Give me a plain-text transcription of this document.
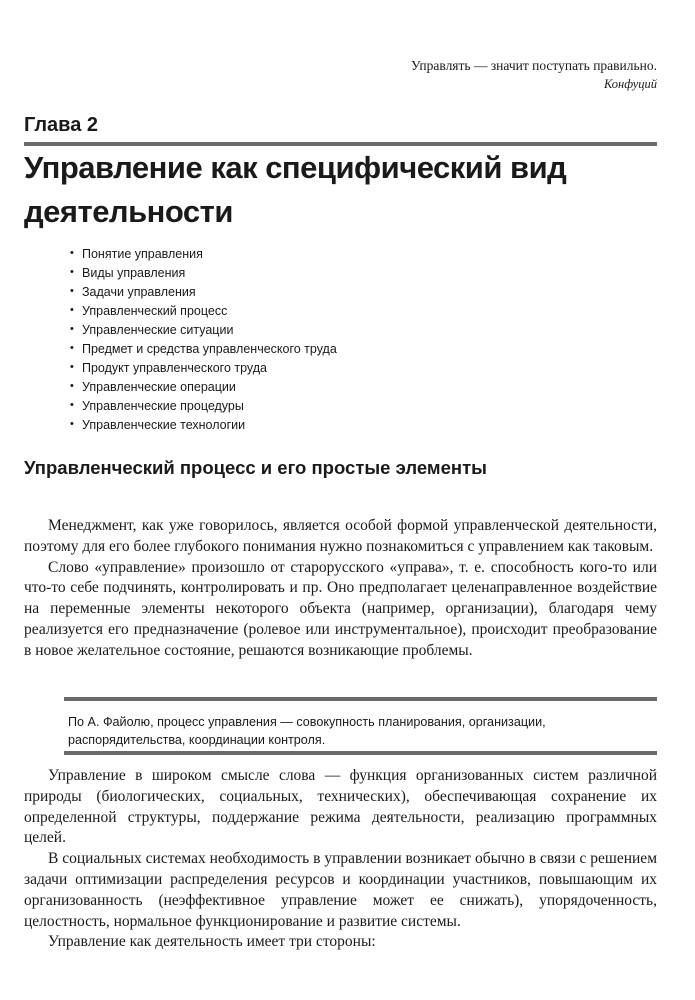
Управлять — значит поступать правильно.
Конфуций
Глава 2
Управление как специфический вид деятельности
• Понятие управления
• Виды управления
• Задачи управления
• Управленческий процесс
• Управленческие ситуации
• Предмет и средства управленческого труда
• Продукт управленческого труда
• Управленческие операции
• Управленческие процедуры
• Управленческие технологии
Управленческий процесс и его простые элементы

Менеджмент, как уже говорилось, является особой формой управленческой деятельности, поэтому для его более глубокого понимания нужно познакомиться с управлением как таковым.

Слово «управление» произошло от старорусского «управа», т. е. способность кого-то или что-то себе подчинять, контролировать и пр. Оно предполагает целенаправленное воздействие на переменные элементы некоторого объекта (например, организации), благодаря чему реализуется его предназначение (ролевое или инструментальное), происходит преобразование в новое желательное состояние, решаются возникающие проблемы.

По А. Файолю, процесс управления — совокупность планирования, организации, распорядительства, координации контроля.

Управление в широком смысле слова — функция организованных систем различной природы (биологических, социальных, технических), обеспечивающая сохранение их определенной структуры, поддержание режима деятельности, реализацию программных целей.

В социальных системах необходимость в управлении возникает обычно в связи с решением задачи оптимизации распределения ресурсов и координации участников, повышающим их организованность (неэффективное управление может ее снижать), упорядоченность, целостность, нормальное функционирование и развитие системы.

Управление как деятельность имеет три стороны:
